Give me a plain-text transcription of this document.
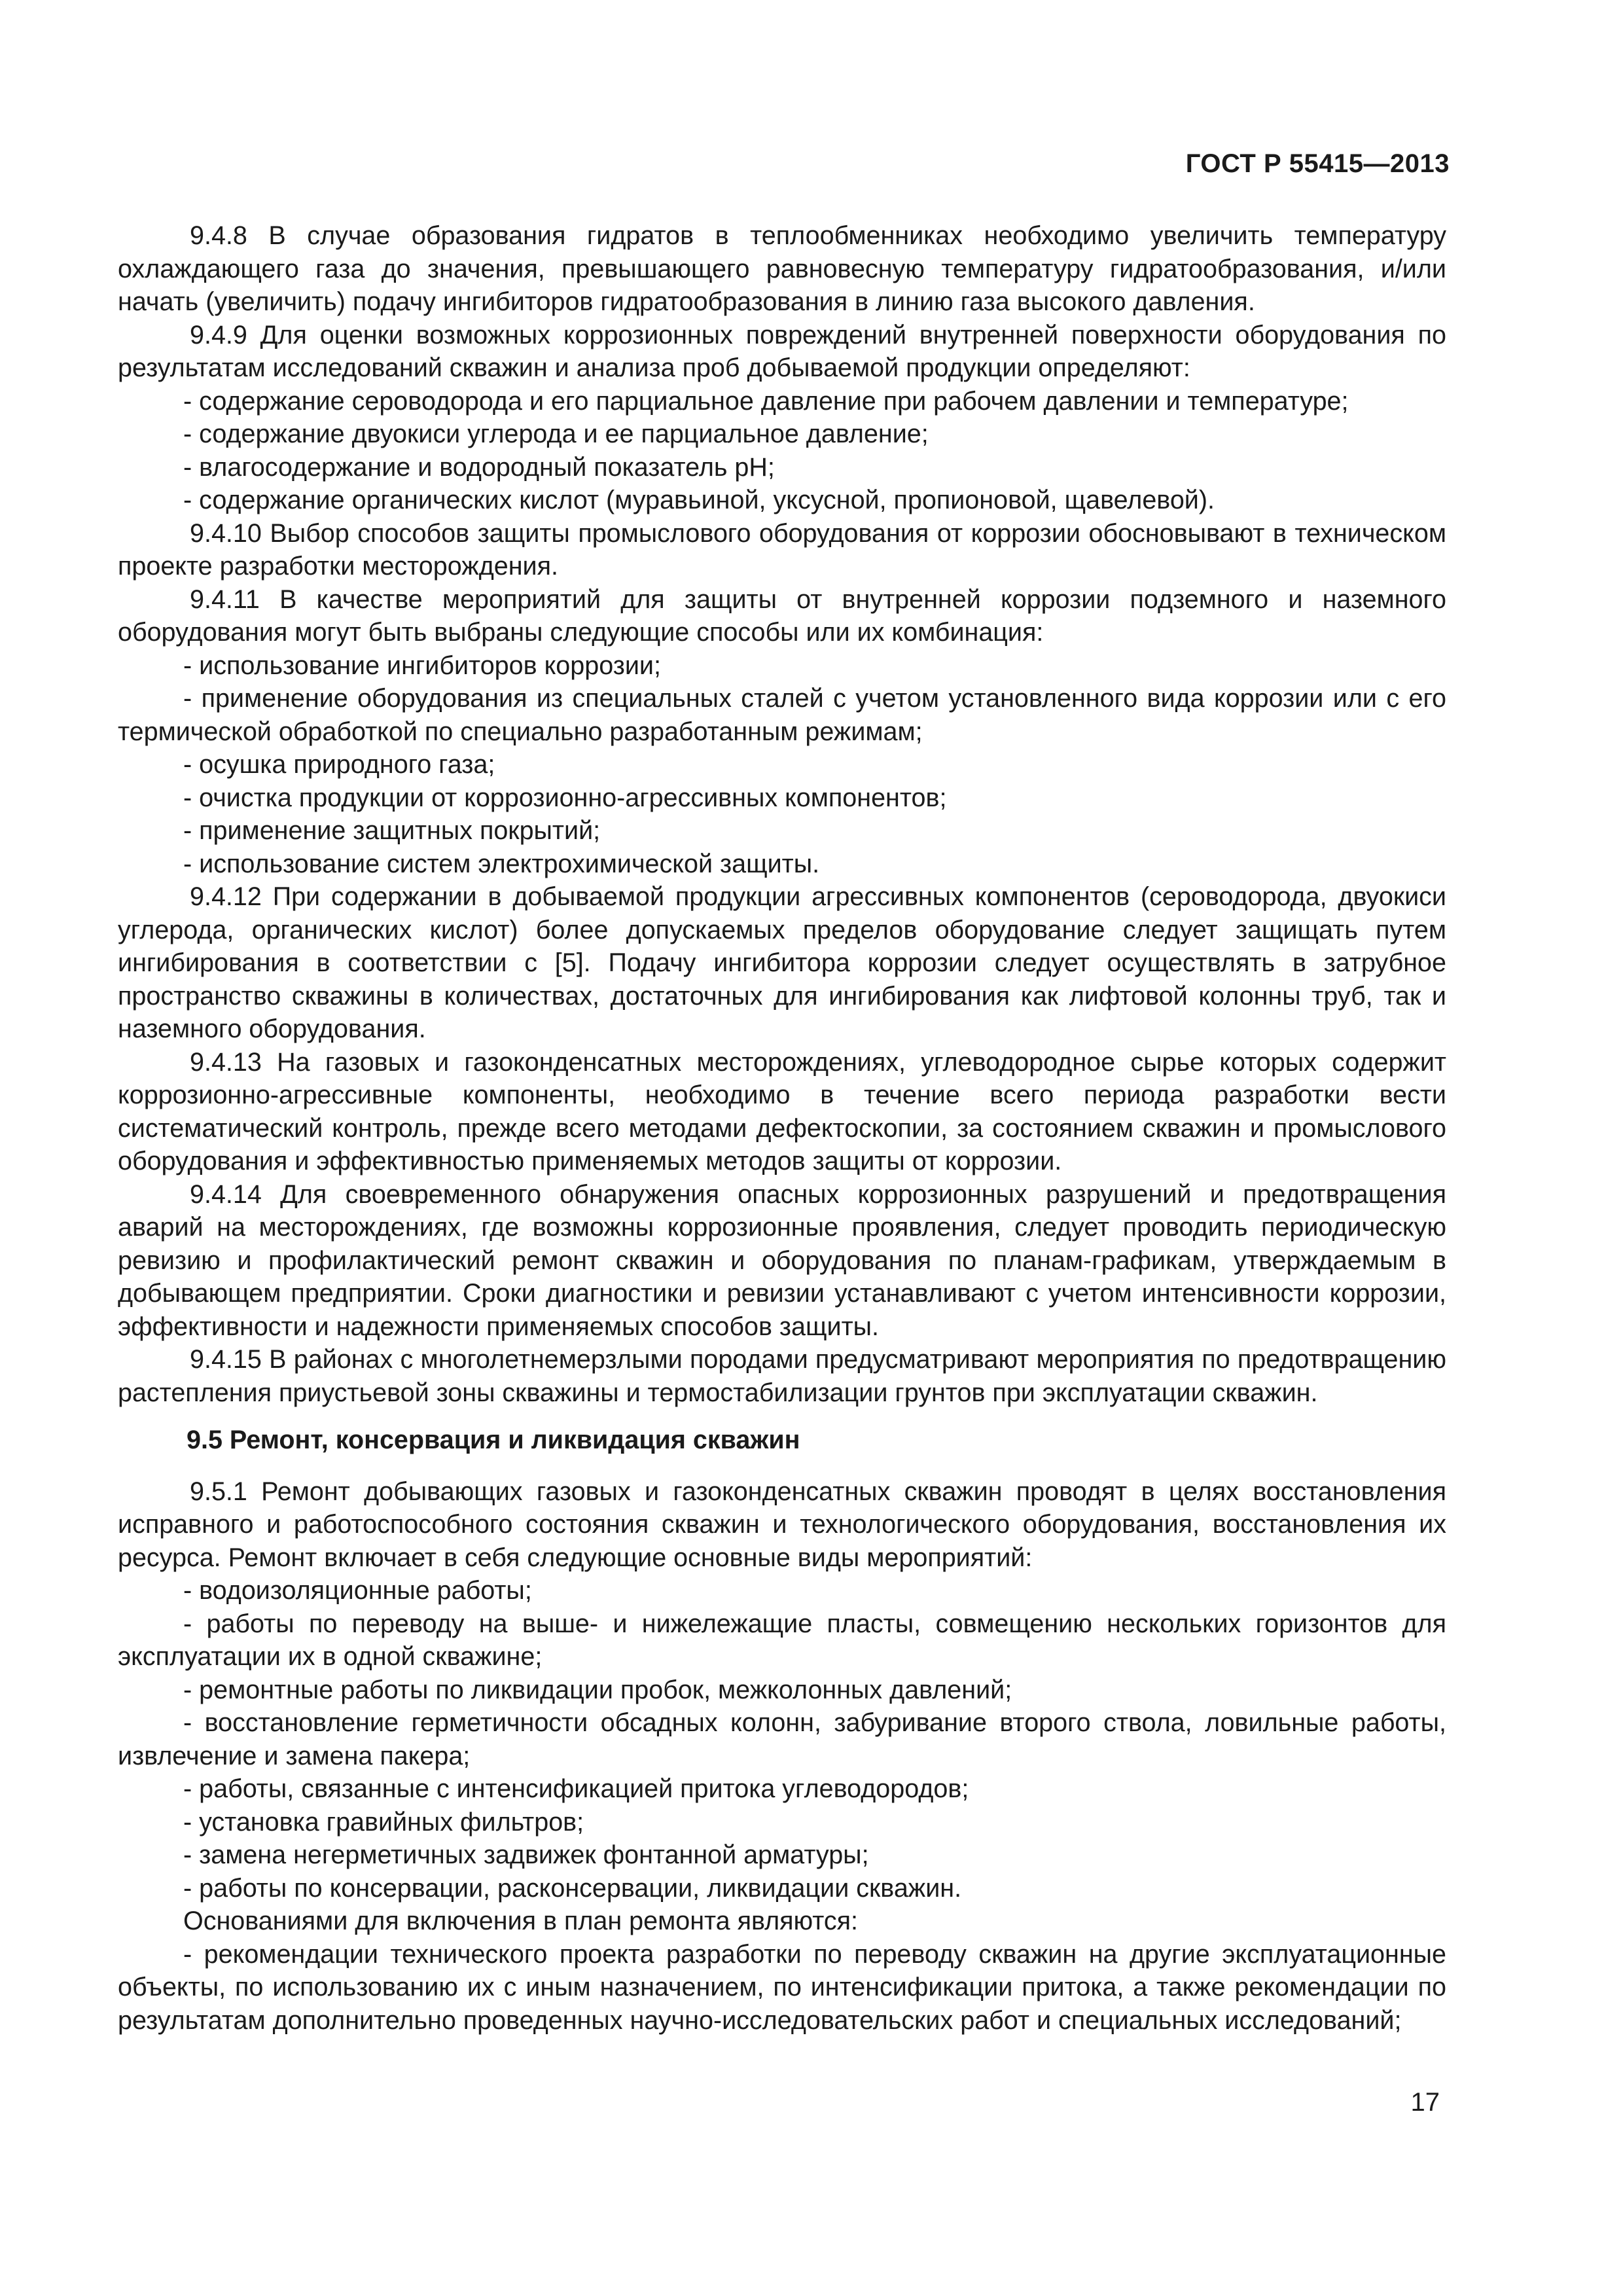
ГОСТ Р 55415—2013

9.4.8 В случае образования гидратов в теплообменниках необходимо увеличить температуру охлаждающего газа до значения, превышающего равновесную температуру гидратообразования, и/или начать (увеличить) подачу ингибиторов гидратообразования в линию газа высокого давления.

9.4.9 Для оценки возможных коррозионных повреждений внутренней поверхности оборудования по результатам исследований скважин и анализа проб добываемой продукции определяют:

- содержание сероводорода и его парциальное давление при рабочем давлении и температуре;

- содержание двуокиси углерода и ее парциальное давление;

- влагосодержание и водородный показатель pH;

- содержание органических кислот (муравьиной, уксусной, пропионовой, щавелевой).

9.4.10 Выбор способов защиты промыслового оборудования от коррозии обосновывают в техническом проекте разработки месторождения.

9.4.11 В качестве мероприятий для защиты от внутренней коррозии подземного и наземного оборудования могут быть выбраны следующие способы или их комбинация:

- использование ингибиторов коррозии;

- применение оборудования из специальных сталей с учетом установленного вида коррозии или с его термической обработкой по специально разработанным режимам;

- осушка природного газа;

- очистка продукции от коррозионно-агрессивных компонентов;

- применение защитных покрытий;

- использование систем электрохимической защиты.

9.4.12 При содержании в добываемой продукции агрессивных компонентов (сероводорода, двуокиси углерода, органических кислот) более допускаемых пределов оборудование следует защищать путем ингибирования в соответствии с [5]. Подачу ингибитора коррозии следует осуществлять в затрубное пространство скважины в количествах, достаточных для ингибирования как лифтовой колонны труб, так и наземного оборудования.

9.4.13 На газовых и газоконденсатных месторождениях, углеводородное сырье которых содержит коррозионно-агрессивные компоненты, необходимо в течение всего периода разработки вести систематический контроль, прежде всего методами дефектоскопии, за состоянием скважин и промыслового оборудования и эффективностью применяемых методов защиты от коррозии.

9.4.14 Для своевременного обнаружения опасных коррозионных разрушений и предотвращения аварий на месторождениях, где возможны коррозионные проявления, следует проводить периодическую ревизию и профилактический ремонт скважин и оборудования по планам-графикам, утверждаемым в добывающем предприятии. Сроки диагностики и ревизии устанавливают с учетом интенсивности коррозии, эффективности и надежности применяемых способов защиты.

9.4.15 В районах с многолетнемерзлыми породами предусматривают мероприятия по предотвращению растепления приустьевой зоны скважины и термостабилизации грунтов при эксплуатации скважин.

9.5 Ремонт, консервация и ликвидация скважин

9.5.1 Ремонт добывающих газовых и газоконденсатных скважин проводят в целях восстановления исправного и работоспособного состояния скважин и технологического оборудования, восстановления их ресурса. Ремонт включает в себя следующие основные виды мероприятий:

- водоизоляционные работы;

- работы по переводу на выше- и нижележащие пласты, совмещению нескольких горизонтов для эксплуатации их в одной скважине;

- ремонтные работы по ликвидации пробок, межколонных давлений;

- восстановление герметичности обсадных колонн, забуривание второго ствола, ловильные работы, извлечение и замена пакера;

- работы, связанные с интенсификацией притока углеводородов;

- установка гравийных фильтров;

- замена негерметичных задвижек фонтанной арматуры;

- работы по консервации, расконсервации, ликвидации скважин.

Основаниями для включения в план ремонта являются:

- рекомендации технического проекта разработки по переводу скважин на другие эксплуатационные объекты, по использованию их с иным назначением, по интенсификации притока, а также рекомендации по результатам дополнительно проведенных научно-исследовательских работ и специальных исследований;

17
